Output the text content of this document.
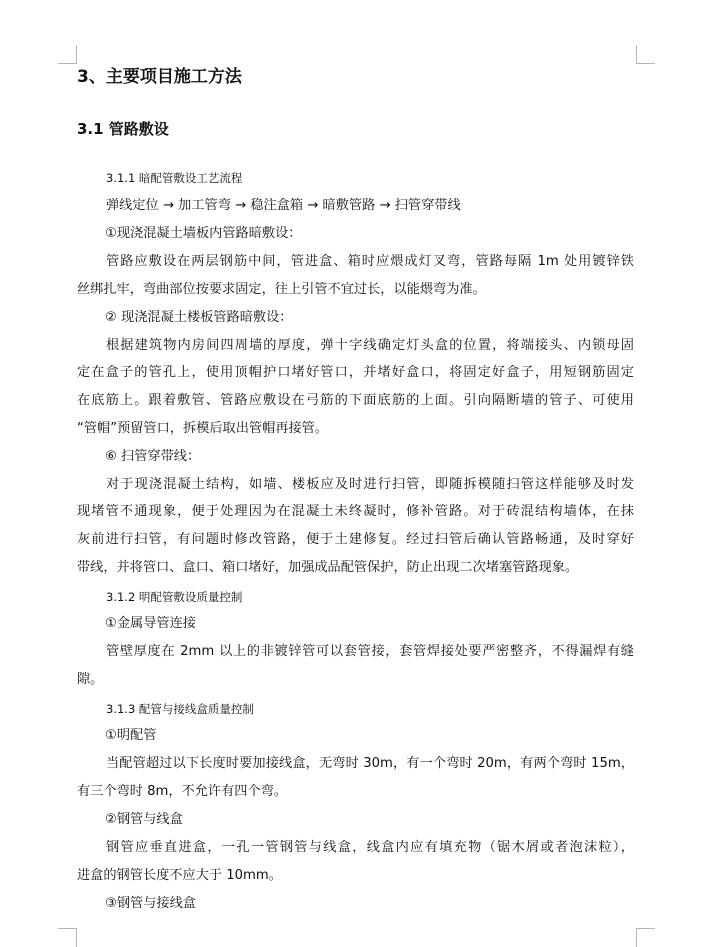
3、主要项目施工方法
3.1 管路敷设
3.1.1 暗配管敷设工艺流程
弹线定位 → 加工管弯 → 稳注盒箱 → 暗敷管路 → 扫管穿带线
①现浇混凝土墙板内管路暗敷设：
管路应敷设在两层钢筋中间，管进盒、箱时应煨成灯叉弯，管路每隔 1m 处用镀锌铁
丝绑扎牢，弯曲部位按要求固定，往上引管不宜过长，以能煨弯为准。
② 现浇混凝土楼板管路暗敷设：
根据建筑物内房间四周墙的厚度，弹十字线确定灯头盒的位置，将端接头、内锁母固
定在盒子的管孔上，使用顶帽护口堵好管口，并堵好盒口，将固定好盒子，用短钢筋固定
在底筋上。跟着敷管、管路应敷设在弓筋的下面底筋的上面。引向隔断墙的管子、可使用
“管帽”预留管口，拆模后取出管帽再接管。
⑥ 扫管穿带线：
对于现浇混凝土结构，如墙、楼板应及时进行扫管，即随拆模随扫管这样能够及时发
现堵管不通现象，便于处理因为在混凝土未终凝时，修补管路。对于砖混结构墙体，在抹
灰前进行扫管，有问题时修改管路，便于土建修复。经过扫管后确认管路畅通，及时穿好
带线，并将管口、盒口、箱口堵好，加强成品配管保护，防止出现二次堵塞管路现象。
3.1.2 明配管敷设质量控制
①金属导管连接
管壁厚度在 2mm 以上的非镀锌管可以套管接，套管焊接处要严密整齐，不得漏焊有缝
隙。
3.1.3 配管与接线盒质量控制
①明配管
当配管超过以下长度时要加接线盒，无弯时 30m，有一个弯时 20m，有两个弯时 15m，
有三个弯时 8m，不允许有四个弯。
②钢管与线盒
钢管应垂直进盒，一孔一管钢管与线盒，线盒内应有填充物（锯木屑或者泡沫粒），
进盒的钢管长度不应大于 10mm。
③钢管与接线盒
